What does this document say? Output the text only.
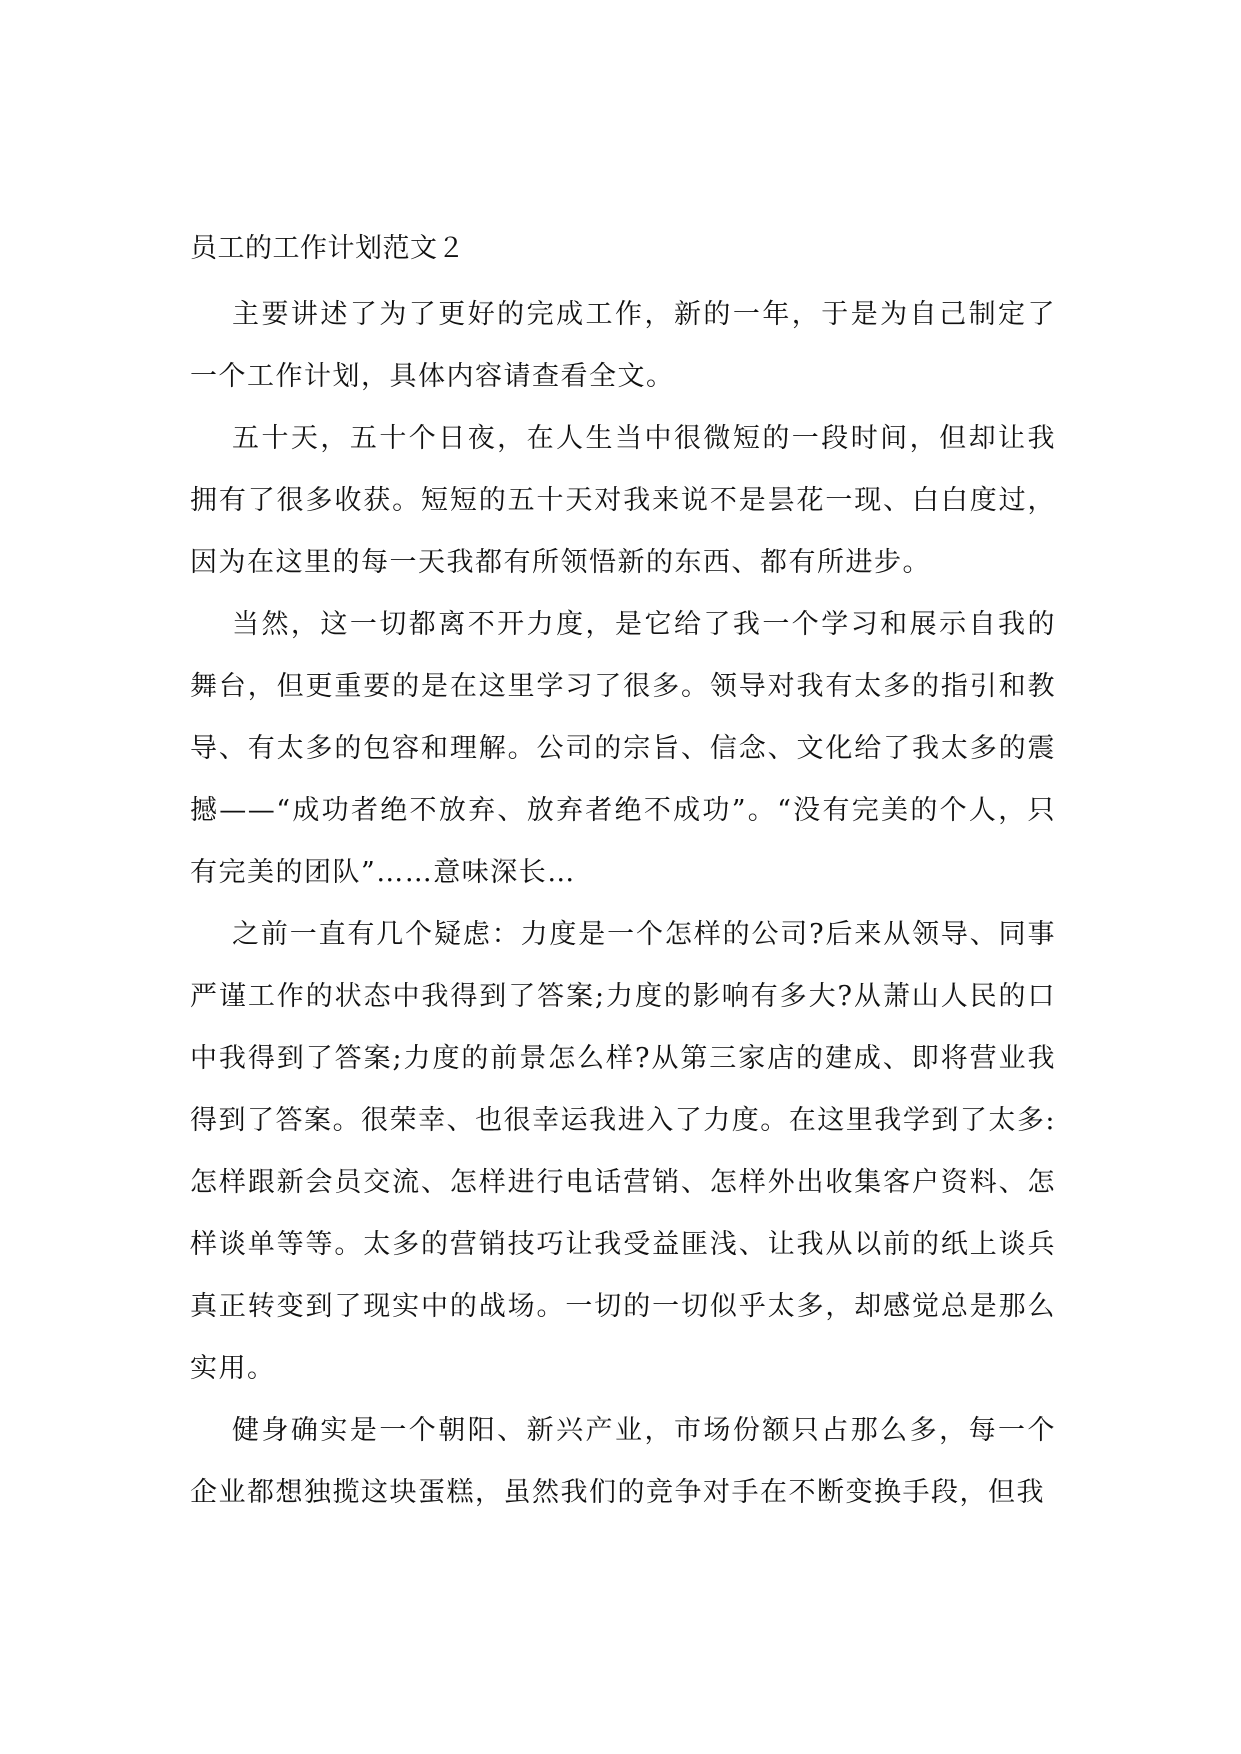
员工的工作计划范文２

主要讲述了为了更好的完成工作，新的一年，于是为自己制定了一个工作计划，具体内容请查看全文。

五十天，五十个日夜，在人生当中很微短的一段时间，但却让我拥有了很多收获。短短的五十天对我来说不是昙花一现、白白度过，因为在这里的每一天我都有所领悟新的东西、都有所进步。

当然，这一切都离不开力度，是它给了我一个学习和展示自我的舞台，但更重要的是在这里学习了很多。领导对我有太多的指引和教导、有太多的包容和理解。公司的宗旨、信念、文化给了我太多的震撼——“成功者绝不放弃、放弃者绝不成功”。“没有完美的个人，只有完美的团队”……意味深长…

之前一直有几个疑虑：力度是一个怎样的公司?后来从领导、同事严谨工作的状态中我得到了答案;力度的影响有多大?从萧山人民的口中我得到了答案;力度的前景怎么样?从第三家店的建成、即将营业我得到了答案。很荣幸、也很幸运我进入了力度。在这里我学到了太多: 怎样跟新会员交流、怎样进行电话营销、怎样外出收集客户资料、怎样谈单等等。太多的营销技巧让我受益匪浅、让我从以前的纸上谈兵真正转变到了现实中的战场。一切的一切似乎太多，却感觉总是那么实用。

健身确实是一个朝阳、新兴产业，市场份额只占那么多，每一个企业都想独揽这块蛋糕，虽然我们的竞争对手在不断变换手段，但我
